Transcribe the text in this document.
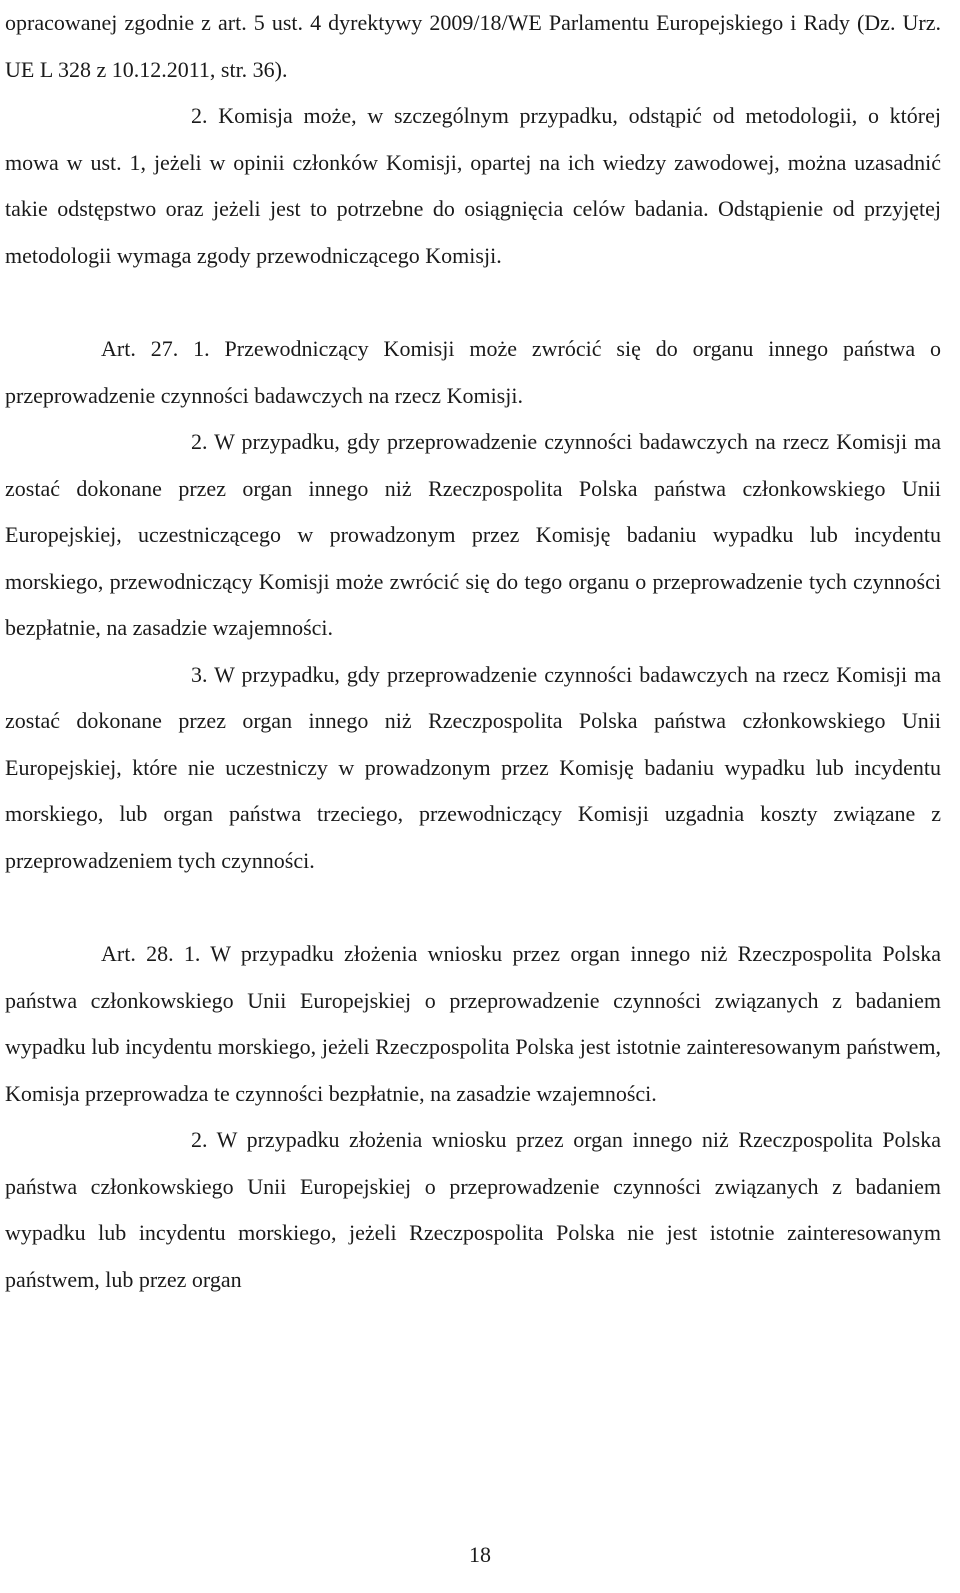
opracowanej zgodnie z art. 5 ust. 4 dyrektywy 2009/18/WE Parlamentu Europejskiego i Rady (Dz. Urz. UE L 328 z 10.12.2011, str. 36).

2. Komisja może, w szczególnym przypadku, odstąpić od metodologii, o której mowa w ust. 1, jeżeli w opinii członków Komisji, opartej na ich wiedzy zawodowej, można uzasadnić takie odstępstwo oraz jeżeli jest to potrzebne do osiągnięcia celów badania. Odstąpienie od przyjętej metodologii wymaga zgody przewodniczącego Komisji.

Art. 27. 1. Przewodniczący Komisji może zwrócić się do organu innego państwa o przeprowadzenie czynności badawczych na rzecz Komisji.

2. W przypadku, gdy przeprowadzenie czynności badawczych na rzecz Komisji ma zostać dokonane przez organ innego niż Rzeczpospolita Polska państwa członkowskiego Unii Europejskiej, uczestniczącego w prowadzonym przez Komisję badaniu wypadku lub incydentu morskiego, przewodniczący Komisji może zwrócić się do tego organu o przeprowadzenie tych czynności bezpłatnie, na zasadzie wzajemności.

3. W przypadku, gdy przeprowadzenie czynności badawczych na rzecz Komisji ma zostać dokonane przez organ innego niż Rzeczpospolita Polska państwa członkowskiego Unii Europejskiej, które nie uczestniczy w prowadzonym przez Komisję badaniu wypadku lub incydentu morskiego, lub organ państwa trzeciego, przewodniczący Komisji uzgadnia koszty związane z przeprowadzeniem tych czynności.

Art. 28. 1. W przypadku złożenia wniosku przez organ innego niż Rzeczpospolita Polska państwa członkowskiego Unii Europejskiej o przeprowadzenie czynności związanych z badaniem wypadku lub incydentu morskiego, jeżeli Rzeczpospolita Polska jest istotnie zainteresowanym państwem, Komisja przeprowadza te czynności bezpłatnie, na zasadzie wzajemności.

2. W przypadku złożenia wniosku przez organ innego niż Rzeczpospolita Polska państwa członkowskiego Unii Europejskiej o przeprowadzenie czynności związanych z badaniem wypadku lub incydentu morskiego, jeżeli Rzeczpospolita Polska nie jest istotnie zainteresowanym państwem, lub przez organ

18
